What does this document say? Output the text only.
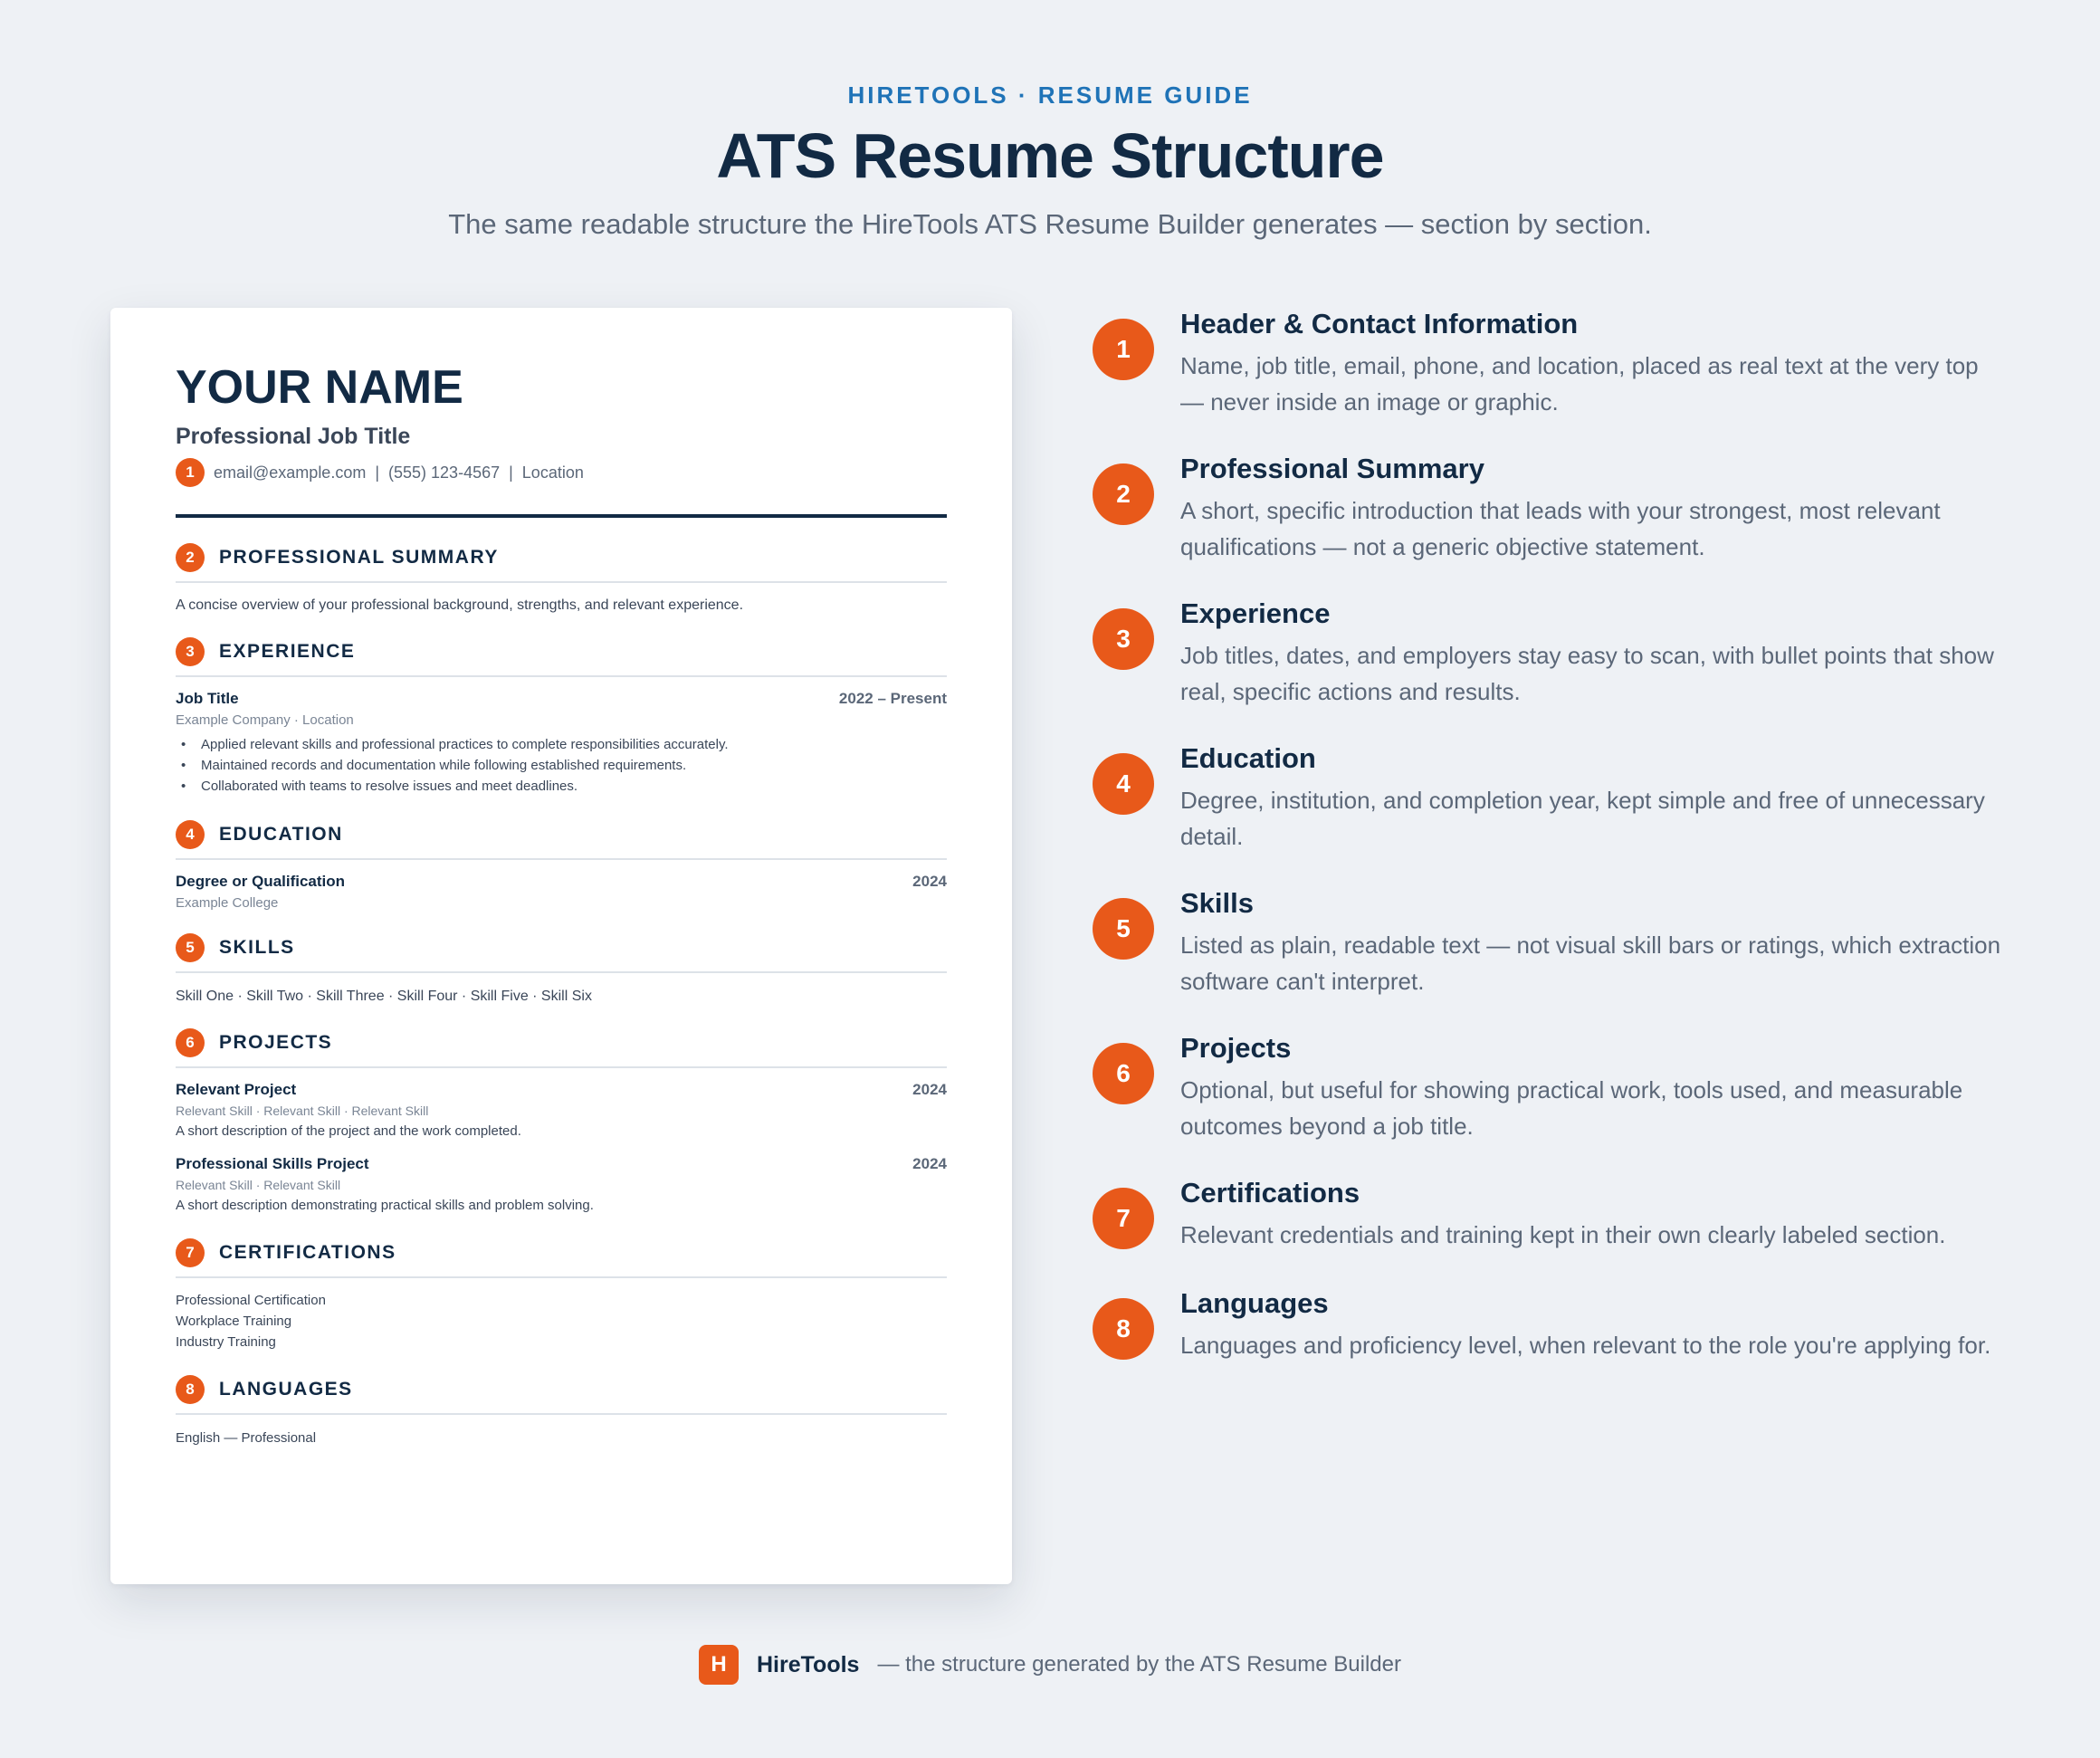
HIRETOOLS · RESUME GUIDE
ATS Resume Structure
The same readable structure the HireTools ATS Resume Builder generates — section by section.
YOUR NAME
Professional Job Title
1	email@example.com | (555) 123-4567 | Location
2	PROFESSIONAL SUMMARY
A concise overview of your professional background, strengths, and relevant experience.
3	EXPERIENCE
Job Title	2022 – Present
Example Company · Location
•	Applied relevant skills and professional practices to complete responsibilities accurately.
•	Maintained records and documentation while following established requirements.
•	Collaborated with teams to resolve issues and meet deadlines.
4	EDUCATION
Degree or Qualification	2024
Example College
5	SKILLS
Skill One · Skill Two · Skill Three · Skill Four · Skill Five · Skill Six
6	PROJECTS
Relevant Project	2024
Relevant Skill · Relevant Skill · Relevant Skill
A short description of the project and the work completed.
Professional Skills Project	2024
Relevant Skill · Relevant Skill
A short description demonstrating practical skills and problem solving.
7	CERTIFICATIONS
Professional Certification
Workplace Training
Industry Training
8	LANGUAGES
English — Professional
1
Header & Contact Information
Name, job title, email, phone, and location, placed as real text at the very top — never inside an image or graphic.
2
Professional Summary
A short, specific introduction that leads with your strongest, most relevant qualifications — not a generic objective statement.
3
Experience
Job titles, dates, and employers stay easy to scan, with bullet points that show real, specific actions and results.
4
Education
Degree, institution, and completion year, kept simple and free of unnecessary detail.
5
Skills
Listed as plain, readable text — not visual skill bars or ratings, which extraction software can't interpret.
6
Projects
Optional, but useful for showing practical work, tools used, and measurable outcomes beyond a job title.
7
Certifications
Relevant credentials and training kept in their own clearly labeled section.
8
Languages
Languages and proficiency level, when relevant to the role you're applying for.
H	HireTools — the structure generated by the ATS Resume Builder
